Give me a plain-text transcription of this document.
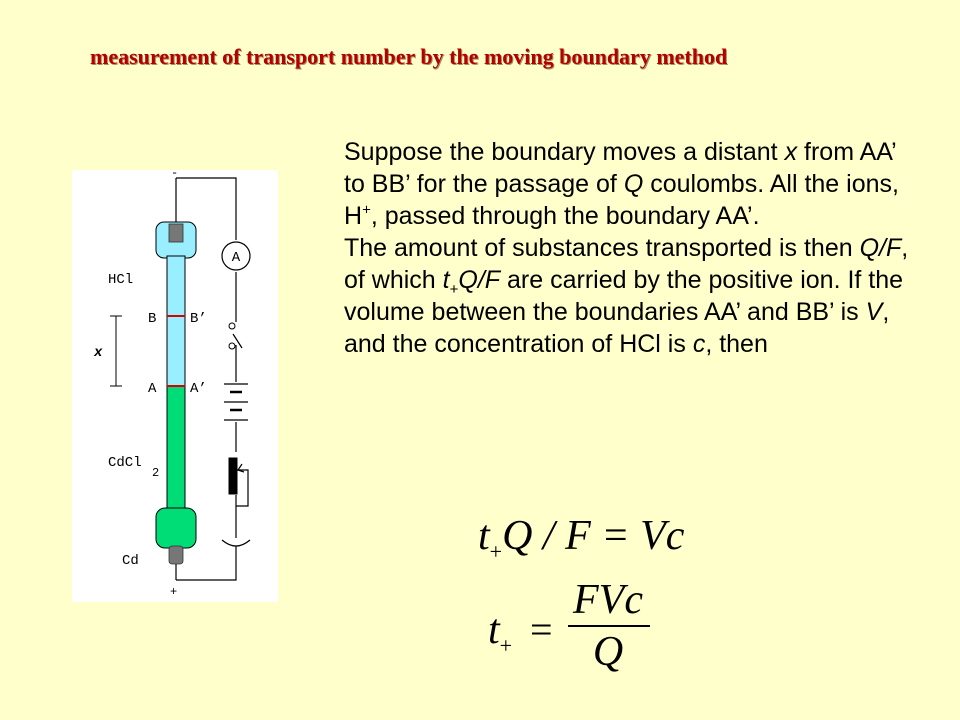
measurement of transport number by the moving boundary method
A
-
+
HCl
B B’
x
A A’
CdCl
2
Cd

Suppose the boundary moves a distant x from AA’ to BB’ for the passage of Q coulombs. All the ions, H+, passed through the boundary AA’.

The amount of substances transported is then Q/F, of which $t_+Q/F$ are carried by the positive ion. If the volume between the boundaries AA’ and BB’ is V, and the concentration of HCl is c, then

$t_+Q / F = Vc$
$t_+$ =
FVc
Q
